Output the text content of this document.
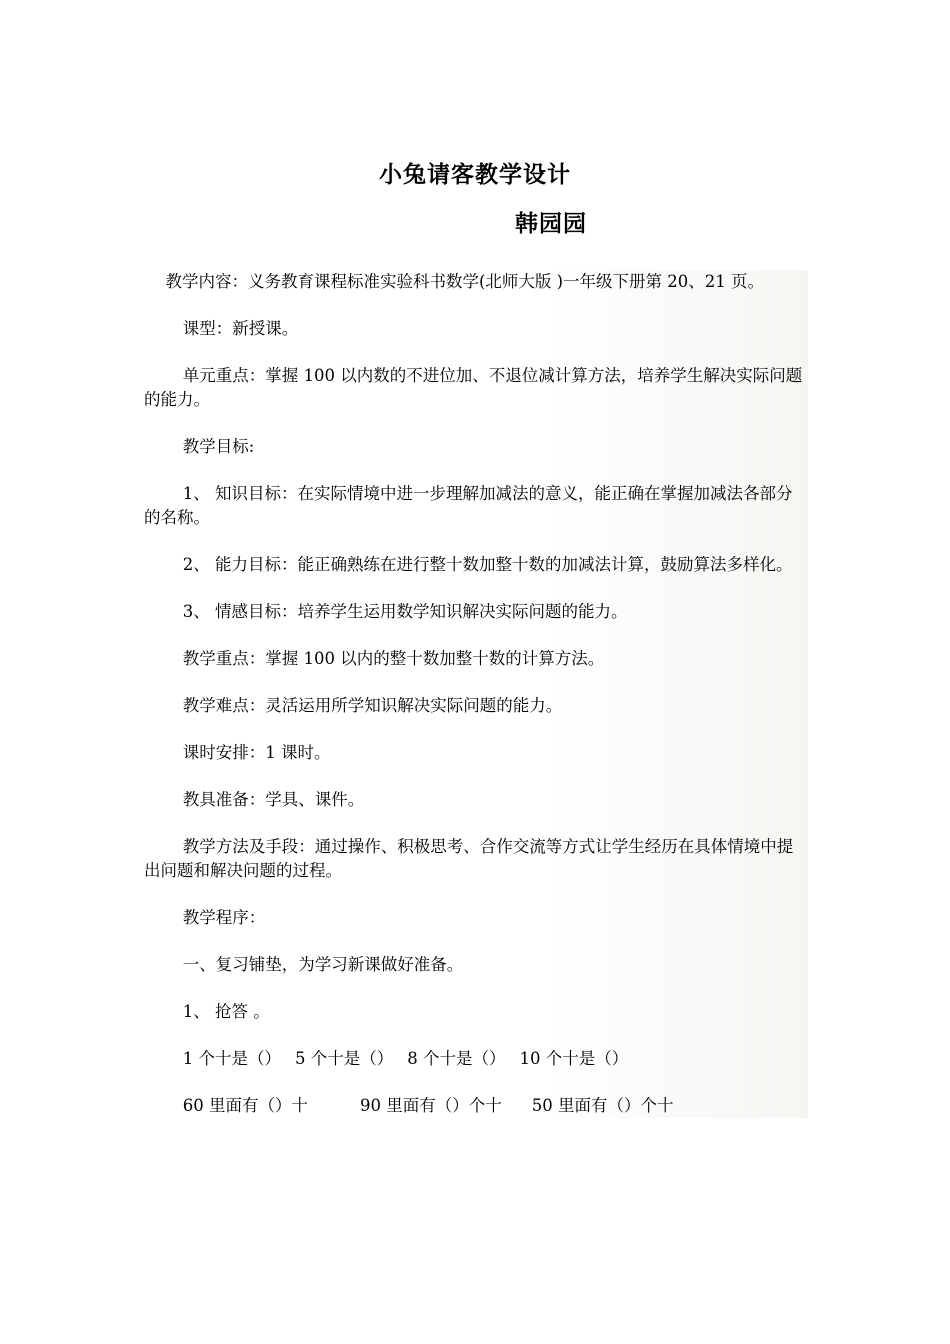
小兔请客教学设计
韩园园

教学内容：义务教育课程标准实验科书数学(北师大版 )一年级下册第 20、21 页。

课型：新授课。

单元重点：掌握 100 以内数的不进位加、不退位减计算方法，培养学生解决实际问题的能力。

教学目标:

1、 知识目标：在实际情境中进一步理解加减法的意义，能正确在掌握加减法各部分的名称。

2、 能力目标：能正确熟练在进行整十数加整十数的加减法计算，鼓励算法多样化。

3、 情感目标：培养学生运用数学知识解决实际问题的能力。

教学重点：掌握 100 以内的整十数加整十数的计算方法。

教学难点：灵活运用所学知识解决实际问题的能力。

课时安排：1 课时。

教具准备：学具、课件。

教学方法及手段：通过操作、积极思考、合作交流等方式让学生经历在具体情境中提出问题和解决问题的过程。

教学程序：

一、复习铺垫，为学习新课做好准备。

1、 抢答 。

1 个十是（） 5 个十是（） 8 个十是（） 10 个十是（）

60 里面有（）十	90 里面有（）个十 50 里面有（）个十
